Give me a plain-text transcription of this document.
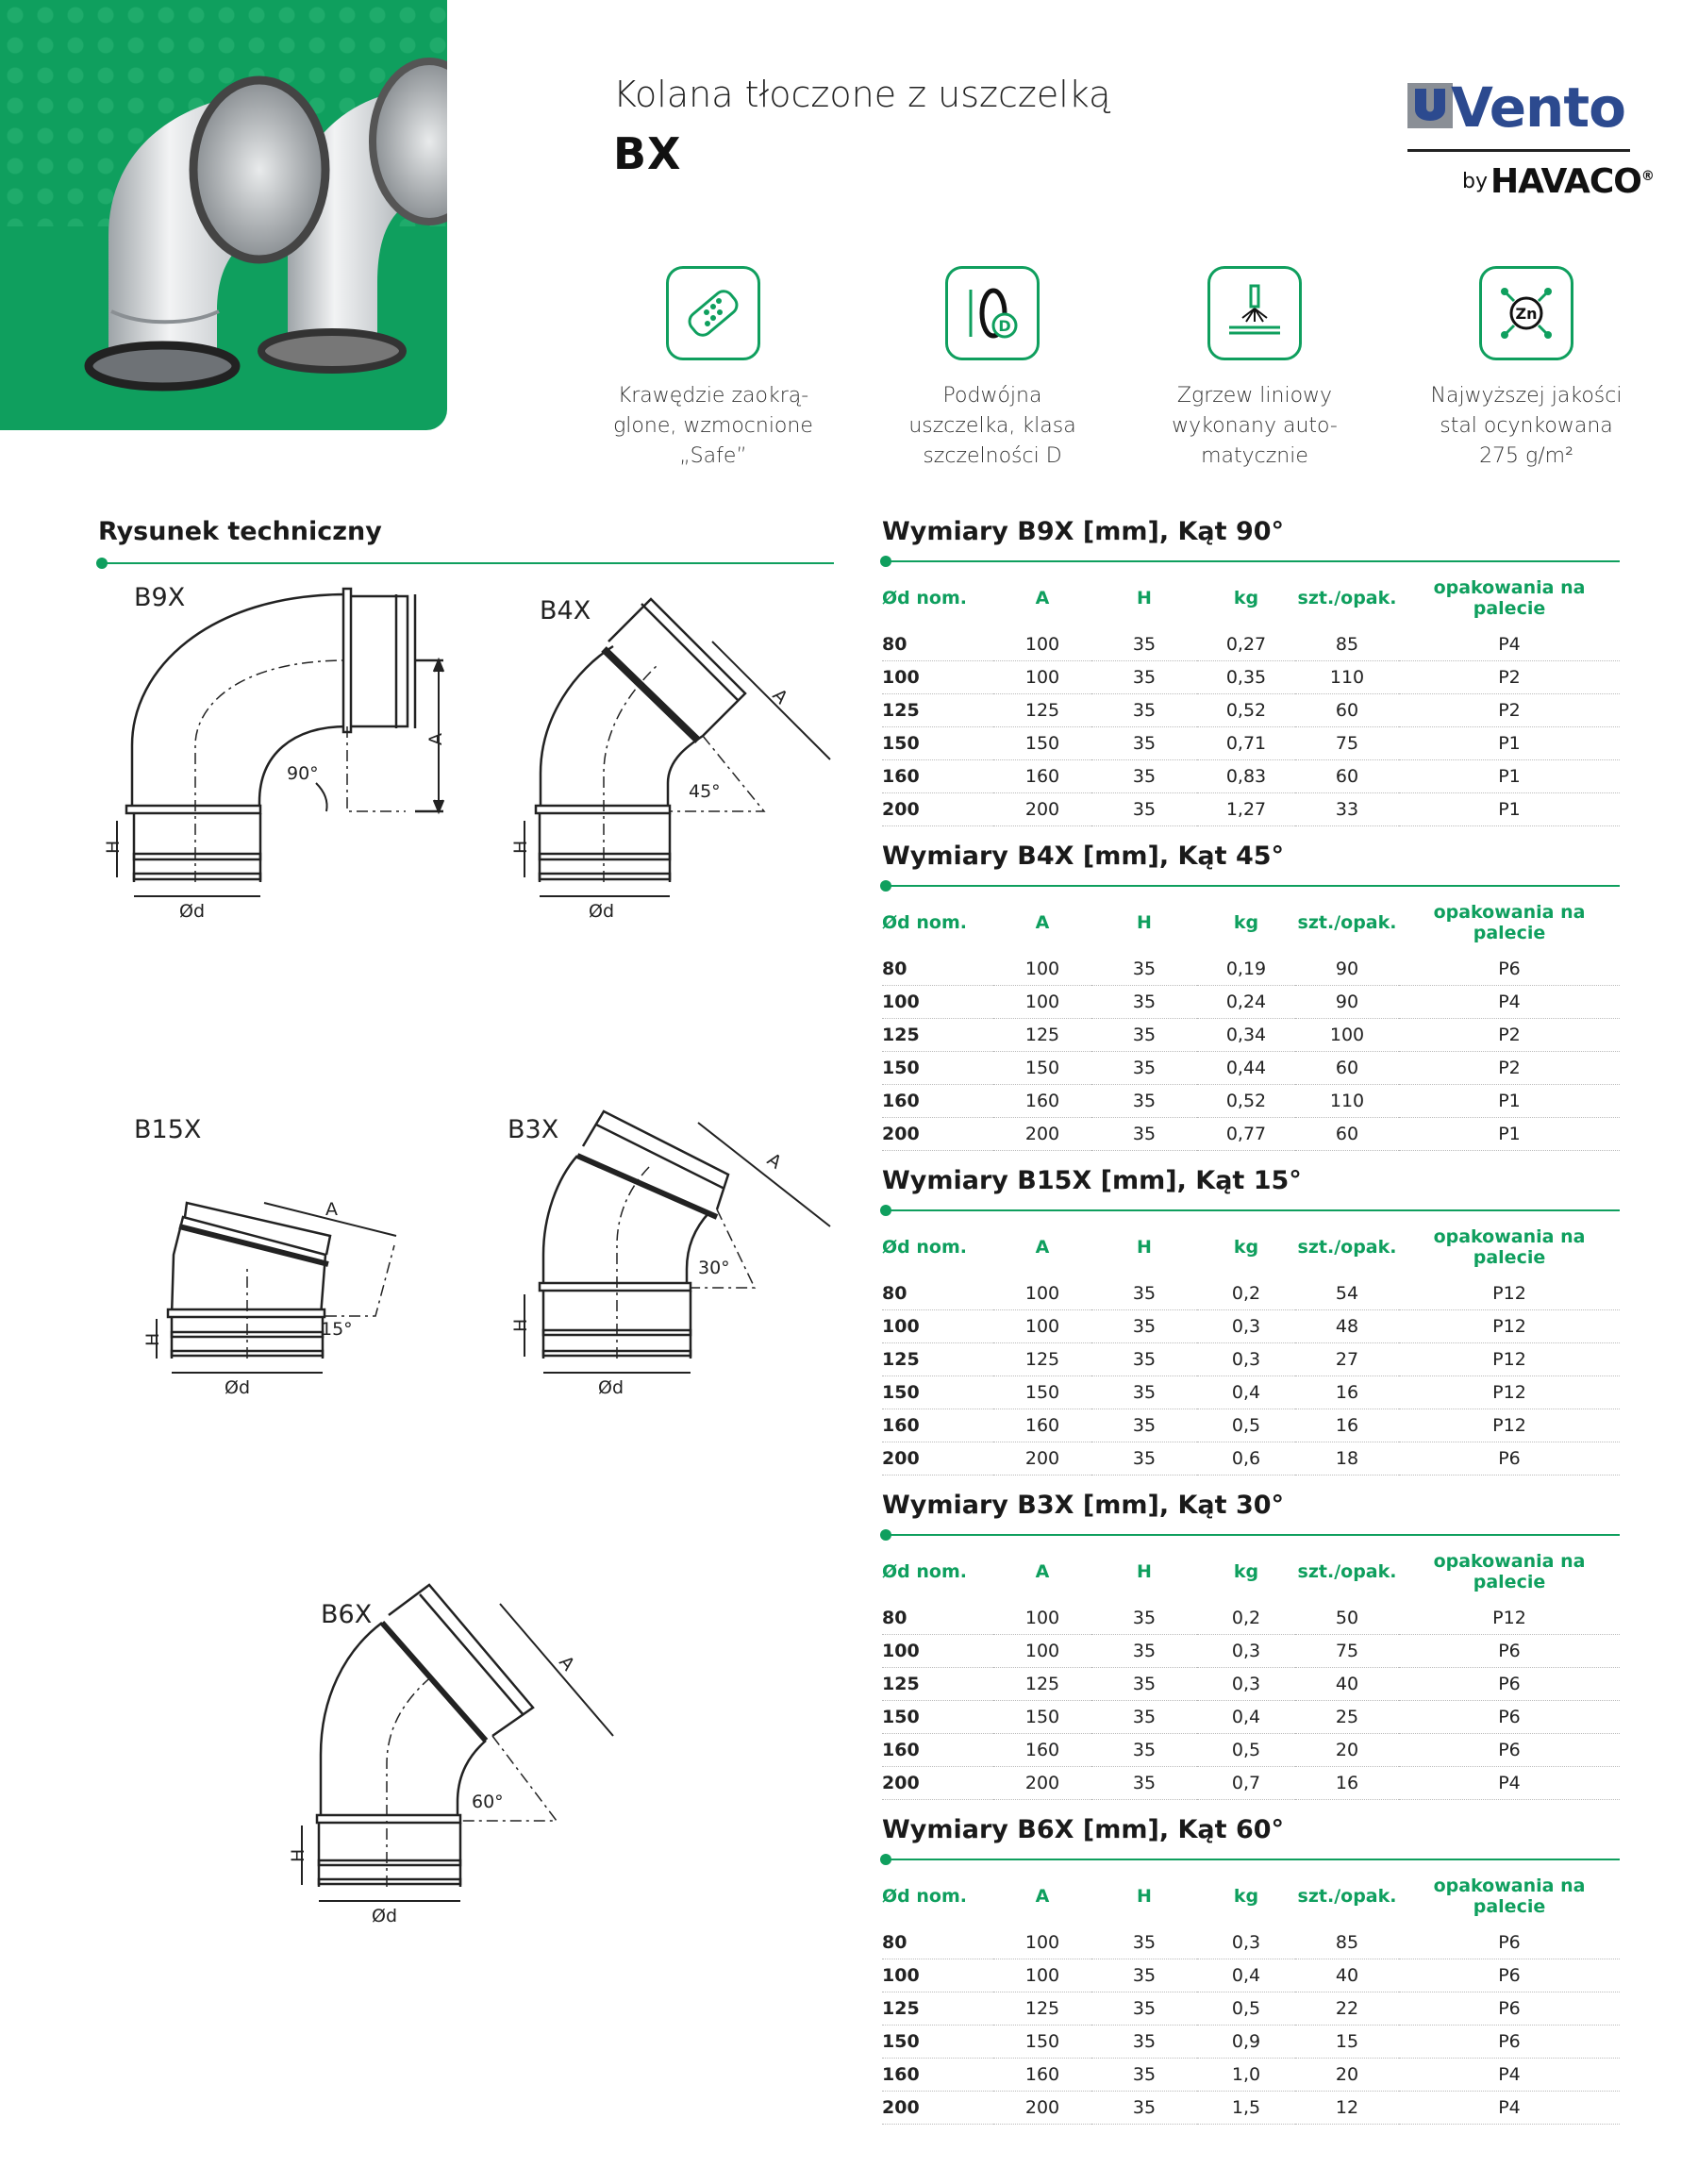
Kolana tłoczone z uszczelką
BX
Vento
by HAVACO®
Krawędzie zaokrą-
glone, wzmocnione
„Safe”
D
Podwójna
uszczelka, klasa
szczelności D
Zgrzew liniowy
wykonany auto-
matycznie
Zn
Najwyższej jakości
stal ocynkowana
275 g/m²
Rysunek techniczny
B9X	B4X
B15X	B3X
B6X
A
90°
Ød
H
A
45°
Ød
H
A
15°
Ød
H
A
30°
Ød
H
A
60°
Ød
H
Wymiary B9X [mm], Kąt 90°
Ød nom.	A	H	kg	szt./opak.	opakowania na palecie

80	100	35	0,27	85	P4
100	100	35	0,35	110	P2
125	125	35	0,52	60	P2
150	150	35	0,71	75	P1
160	160	35	0,83	60	P1
200	200	35	1,27	33	P1
Wymiary B4X [mm], Kąt 45°
Ød nom.	A	H	kg	szt./opak.	opakowania na palecie

80	100	35	0,19	90	P6
100	100	35	0,24	90	P4
125	125	35	0,34	100	P2
150	150	35	0,44	60	P2
160	160	35	0,52	110	P1
200	200	35	0,77	60	P1
Wymiary B15X [mm], Kąt 15°
Ød nom.	A	H	kg	szt./opak.	opakowania na palecie

80	100	35	0,2	54	P12
100	100	35	0,3	48	P12
125	125	35	0,3	27	P12
150	150	35	0,4	16	P12
160	160	35	0,5	16	P12
200	200	35	0,6	18	P6
Wymiary B3X [mm], Kąt 30°
Ød nom.	A	H	kg	szt./opak.	opakowania na palecie

80	100	35	0,2	50	P12
100	100	35	0,3	75	P6
125	125	35	0,3	40	P6
150	150	35	0,4	25	P6
160	160	35	0,5	20	P6
200	200	35	0,7	16	P4
Wymiary B6X [mm], Kąt 60°
Ød nom.	A	H	kg	szt./opak.	opakowania na palecie

80	100	35	0,3	85	P6
100	100	35	0,4	40	P6
125	125	35	0,5	22	P6
150	150	35	0,9	15	P6
160	160	35	1,0	20	P4
200	200	35	1,5	12	P4
